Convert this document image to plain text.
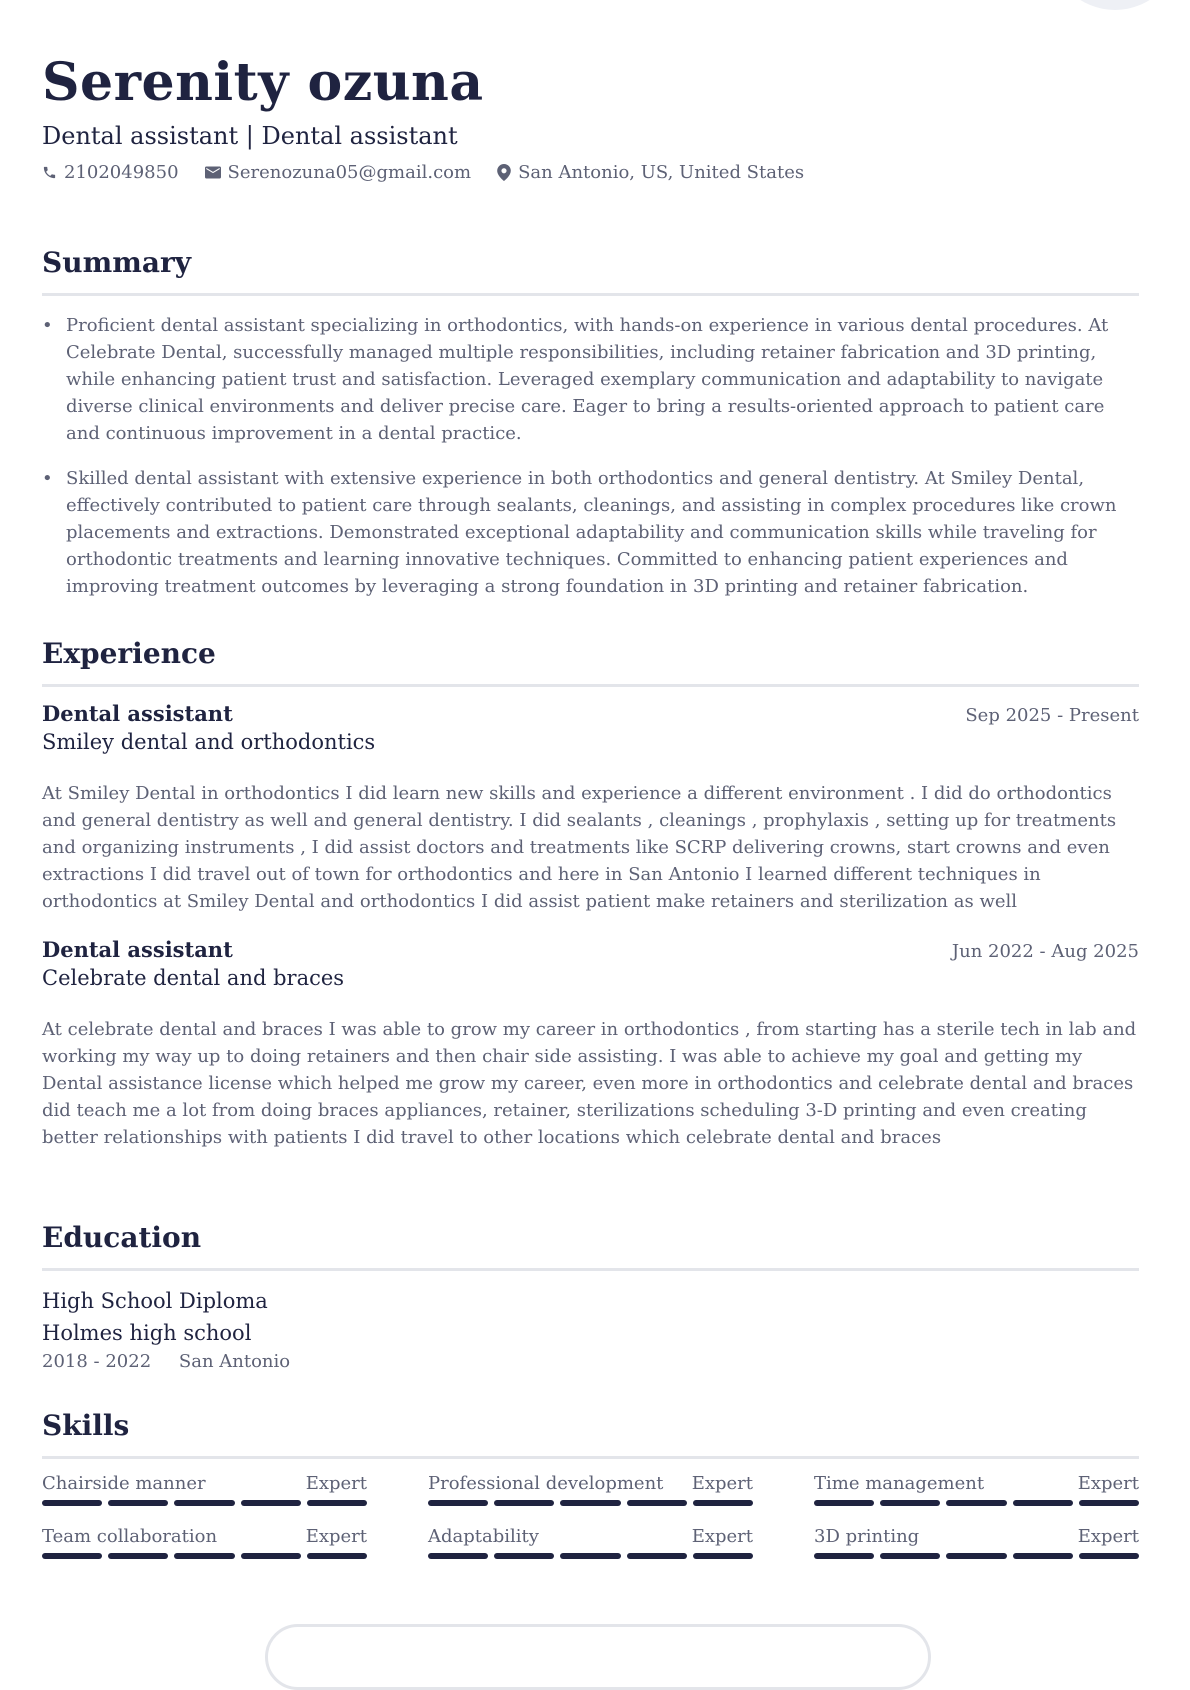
Serenity ozuna
Dental assistant | Dental assistant
2102049850	Serenozuna05@gmail.com	San Antonio, US, United States
Summary
• Proficient dental assistant specializing in orthodontics, with hands-on experience in various dental procedures. At Celebrate Dental, successfully managed multiple responsibilities, including retainer fabrication and 3D printing, while enhancing patient trust and satisfaction. Leveraged exemplary communication and adaptability to navigate diverse clinical environments and deliver precise care. Eager to bring a results-oriented approach to patient care and continuous improvement in a dental practice.
• Skilled dental assistant with extensive experience in both orthodontics and general dentistry. At Smiley Dental, effectively contributed to patient care through sealants, cleanings, and assisting in complex procedures like crown placements and extractions. Demonstrated exceptional adaptability and communication skills while traveling for orthodontic treatments and learning innovative techniques. Committed to enhancing patient experiences and improving treatment outcomes by leveraging a strong foundation in 3D printing and retainer fabrication.
Experience
Dental assistant	Sep 2025 - Present
Smiley dental and orthodontics
At Smiley Dental in orthodontics I did learn new skills and experience a different environment . I did do orthodontics and general dentistry as well and general dentistry. I did sealants , cleanings , prophylaxis , setting up for treatments and organizing instruments , I did assist doctors and treatments like SCRP delivering crowns, start crowns and even extractions I did travel out of town for orthodontics and here in San Antonio I learned different techniques in orthodontics at Smiley Dental and orthodontics I did assist patient make retainers and sterilization as well
Dental assistant	Jun 2022 - Aug 2025
Celebrate dental and braces
At celebrate dental and braces I was able to grow my career in orthodontics , from starting has a sterile tech in lab and working my way up to doing retainers and then chair side assisting. I was able to achieve my goal and getting my Dental assistance license which helped me grow my career, even more in orthodontics and celebrate dental and braces did teach me a lot from doing braces appliances, retainer, sterilizations scheduling 3-D printing and even creating better relationships with patients I did travel to other locations which celebrate dental and braces
Education
High School Diploma
Holmes high school
2018 - 2022 San Antonio
Skills
Chairside manner	Expert	Professional development Expert	Time management	Expert
Team collaboration	Expert	Adaptability	Expert	3D printing	Expert
